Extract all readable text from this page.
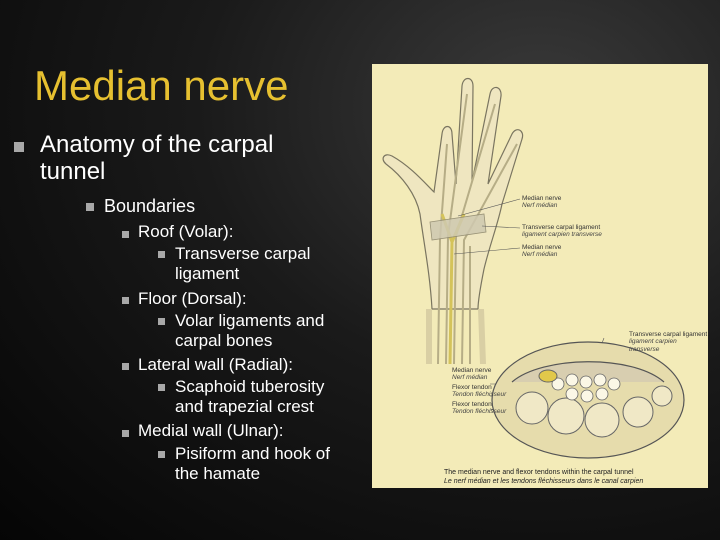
Median nerve
Anatomy of the carpal tunnel
Boundaries
Roof (Volar):
Transverse carpal ligament
Floor (Dorsal):
Volar ligaments and carpal bones
Lateral wall (Radial):
Scaphoid tuberosity and trapezial crest
Medial wall (Ulnar):
Pisiform and hook of the hamate
Median nerve
Nerf médian
Transverse carpal ligament
ligament carpien transverse
Median nerve
Nerf médian
Transverse carpal ligament
ligament carpien transverse
Median nerve
Nerf médian
Flexor tendon
Tendon fléchisseur
Flexor tendon
Tendon fléchisseur
The median nerve and flexor tendons within the carpal tunnel
Le nerf médian et les tendons fléchisseurs dans le canal carpien
